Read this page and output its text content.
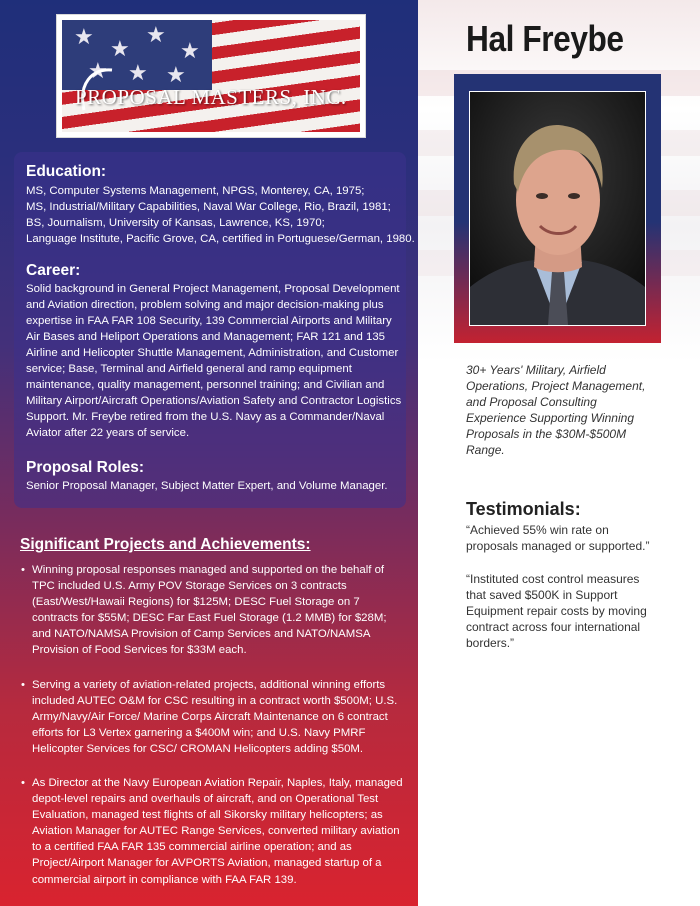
★ ★
★
★
★ ★ ★
PROPOSAL MASTERS, INC.
Education:
MS, Computer Systems Management, NPGS, Monterey, CA, 1975;
MS, Industrial/Military Capabilities, Naval War College, Rio, Brazil, 1981;
BS, Journalism, University of Kansas, Lawrence, KS, 1970;
Language Institute, Pacific Grove, CA, certified in Portuguese/German, 1980.
Career:

Solid background in General Project Management, Proposal Development and Aviation direction, problem solving and major decision-making plus expertise in FAA FAR 108 Security, 139 Commercial Airports and Military Air Bases and Heliport Operations and Management; FAR 121 and 135 Airline and Helicopter Shuttle Management, Administration, and Customer service; Base, Terminal and Airfield general and ramp equipment maintenance, quality management, personnel training; and Civilian and Military Airport/Aircraft Operations/Aviation Safety and Contractor Logistics Support. Mr. Freybe retired from the U.S. Navy as a Commander/Naval Aviator after 22 years of service.

Proposal Roles:

Senior Proposal Manager, Subject Matter Expert, and Volume Manager.

Significant Projects and Achievements:
• Winning proposal responses managed and supported on the behalf of TPC included U.S. Army POV Storage Services on 3 contracts (East/West/Hawaii Regions) for $125M; DESC Fuel Storage on 7 contracts for $55M; DESC Far East Fuel Storage (1.2 MMB) for $28M; and NATO/NAMSA Provision of Camp Services and NATO/NAMSA Provision of Food Services for $33M each.
• Serving a variety of aviation-related projects, additional winning efforts included AUTEC O&M for CSC resulting in a contract worth $500M; U.S. Army/Navy/Air Force/ Marine Corps Aircraft Maintenance on 6 contract efforts for L3 Vertex garnering a $400M win; and U.S. Navy PMRF Helicopter Services for CSC/ CROMAN Helicopters adding $50M.
• As Director at the Navy European Aviation Repair, Naples, Italy, managed depot-level repairs and overhauls of aircraft, and on Operational Test Evaluation, managed test flights of all Sikorsky military helicopters; as Aviation Manager for AUTEC Range Services, converted military aviation to a certified FAA FAR 135 commercial airline operation; and as Project/Airport Manager for AVPORTS Aviation, managed startup of a commercial airport in compliance with FAA FAR 139.
Hal Freybe
30+ Years' Military, Airfield Operations, Project Management, and Proposal Consulting Experience Supporting Winning Proposals in the $30M-$500M Range.
Testimonials:
“Achieved 55% win rate on proposals managed or supported.”
“Instituted cost control measures that saved $500K in Support Equipment repair costs by moving contract across four international borders.”
